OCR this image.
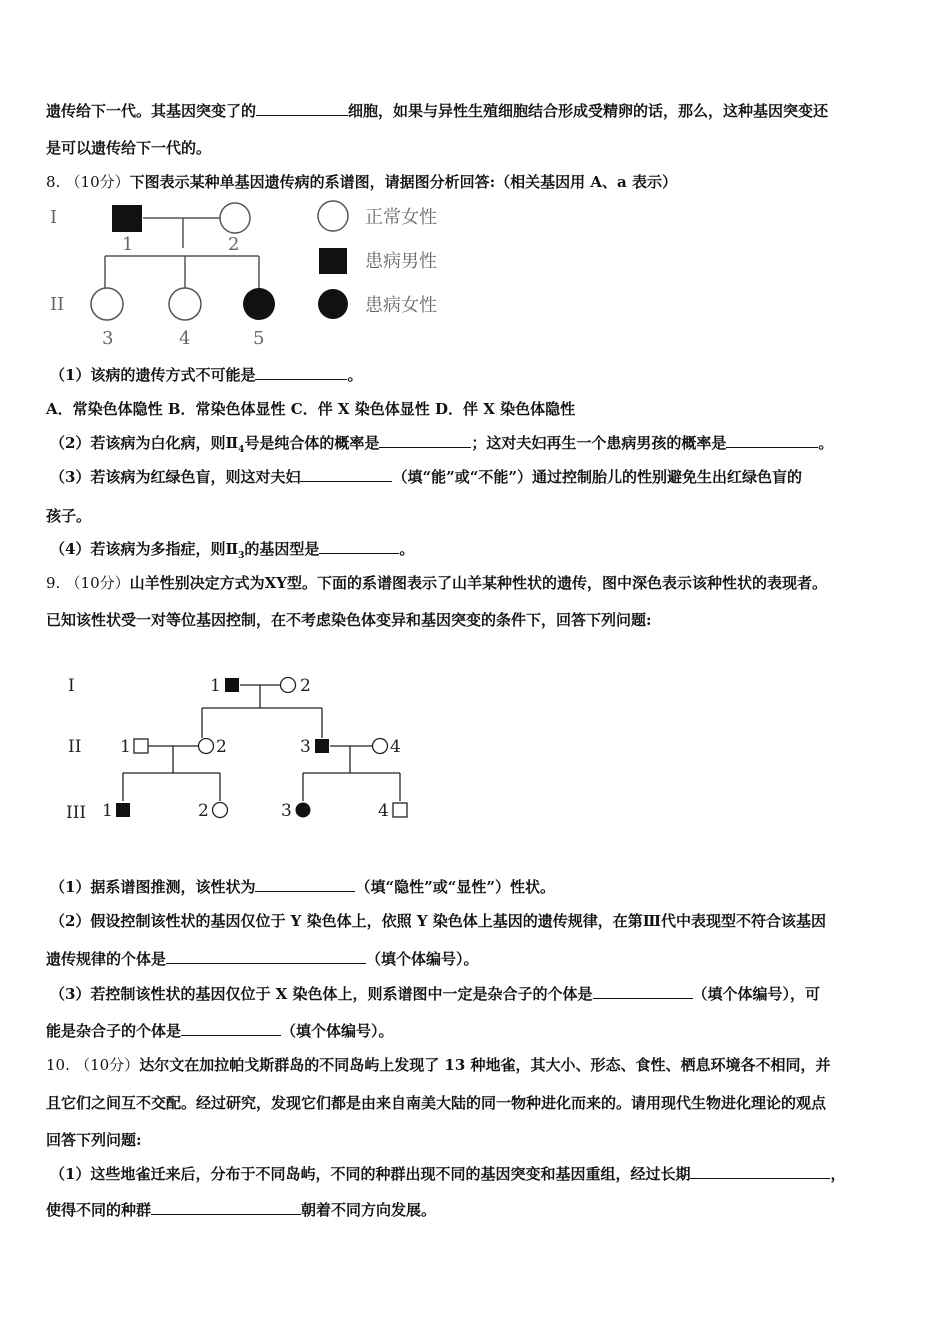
遗传给下一代。其基因突变了的	细胞，如果与异性生殖细胞结合形成受精卵的话，那么，这种基因突变还
是可以遗传给下一代的。
8. （10分）下图表示某种单基因遗传病的系谱图，请据图分析回答:（相关基因用 A、a 表示）
I
II
1	2
3	4	5
正常女性
患病男性
患病女性
（1）该病的遗传方式不可能是	。
A．常染色体隐性 B．常染色体显性 C．伴 X 染色体显性 D．伴 X 染色体隐性
（2）若该病为白化病，则$Ⅱ_4$号是纯合体的概率是	；这对夫妇再生一个患病男孩的概率是	。
（3）若该病为红绿色盲，则这对夫妇	（填“能”或“不能”）通过控制胎儿的性别避免生出红绿色盲的
孩子。
（4）若该病为多指症，则$Ⅱ_3$的基因型是	。
9. （10分）山羊性别决定方式为XY型。下面的系谱图表示了山羊某种性状的遗传，图中深色表示该种性状的表现者。
已知该性状受一对等位基因控制，在不考虑染色体变异和基因突变的条件下，回答下列问题:
I
II
III
1	2
1	2	3	4
1	2	3	4
（1）据系谱图推测，该性状为	（填“隐性”或“显性”）性状。
（2）假设控制该性状的基因仅位于 Y 染色体上，依照 Y 染色体上基因的遗传规律，在第Ⅲ代中表现型不符合该基因
遗传规律的个体是	（填个体编号）。
（3）若控制该性状的基因仅位于 X 染色体上，则系谱图中一定是杂合子的个体是	（填个体编号），可
能是杂合子的个体是	（填个体编号）。
10. （10分）达尔文在加拉帕戈斯群岛的不同岛屿上发现了 13 种地雀，其大小、形态、食性、栖息环境各不相同，并
且它们之间互不交配。经过研究，发现它们都是由来自南美大陆的同一物种进化而来的。请用现代生物进化理论的观点
回答下列问题:
（1）这些地雀迁来后，分布于不同岛屿，不同的种群出现不同的基因突变和基因重组，经过长期	，
使得不同的种群	朝着不同方向发展。
